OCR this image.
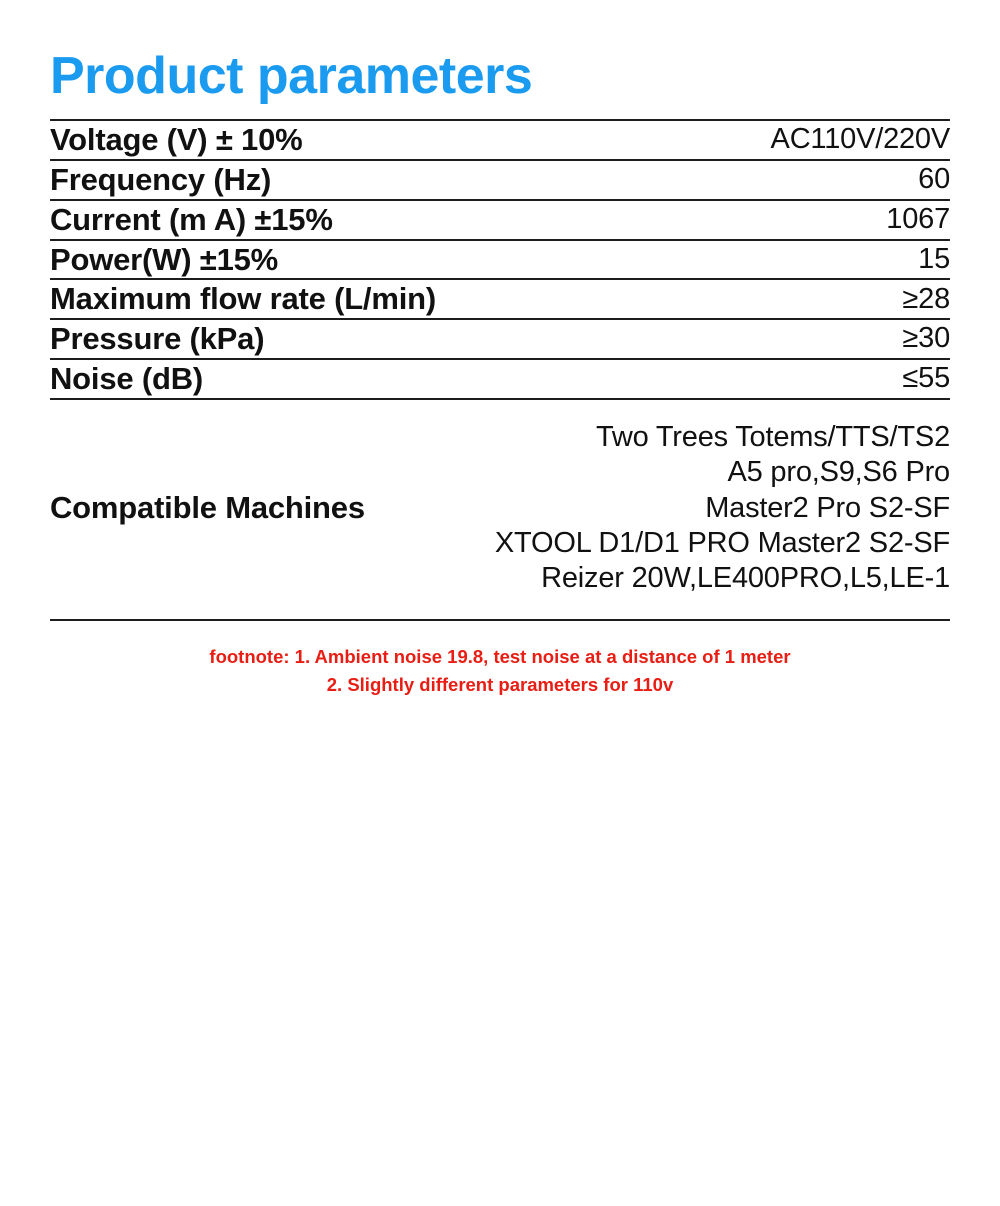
Product parameters
Voltage (V) ± 10%	AC110V/220V

Frequency (Hz)	60

Current (m A) ±15%	1067

Power(W) ±15%	15

Maximum flow rate (L/min)	≥28

Pressure (kPa)	≥30

Noise (dB)	≤55

Compatible Machines	Two Trees Totems/TTS/TS2
A5 pro,S9,S6 Pro
Master2 Pro S2-SF
XTOOL D1/D1 PRO Master2 S2-SF
Reizer 20W,LE400PRO,L5,LE-1
footnote: 1. Ambient noise 19.8, test noise at a distance of 1 meter
2. Slightly different parameters for 110v
